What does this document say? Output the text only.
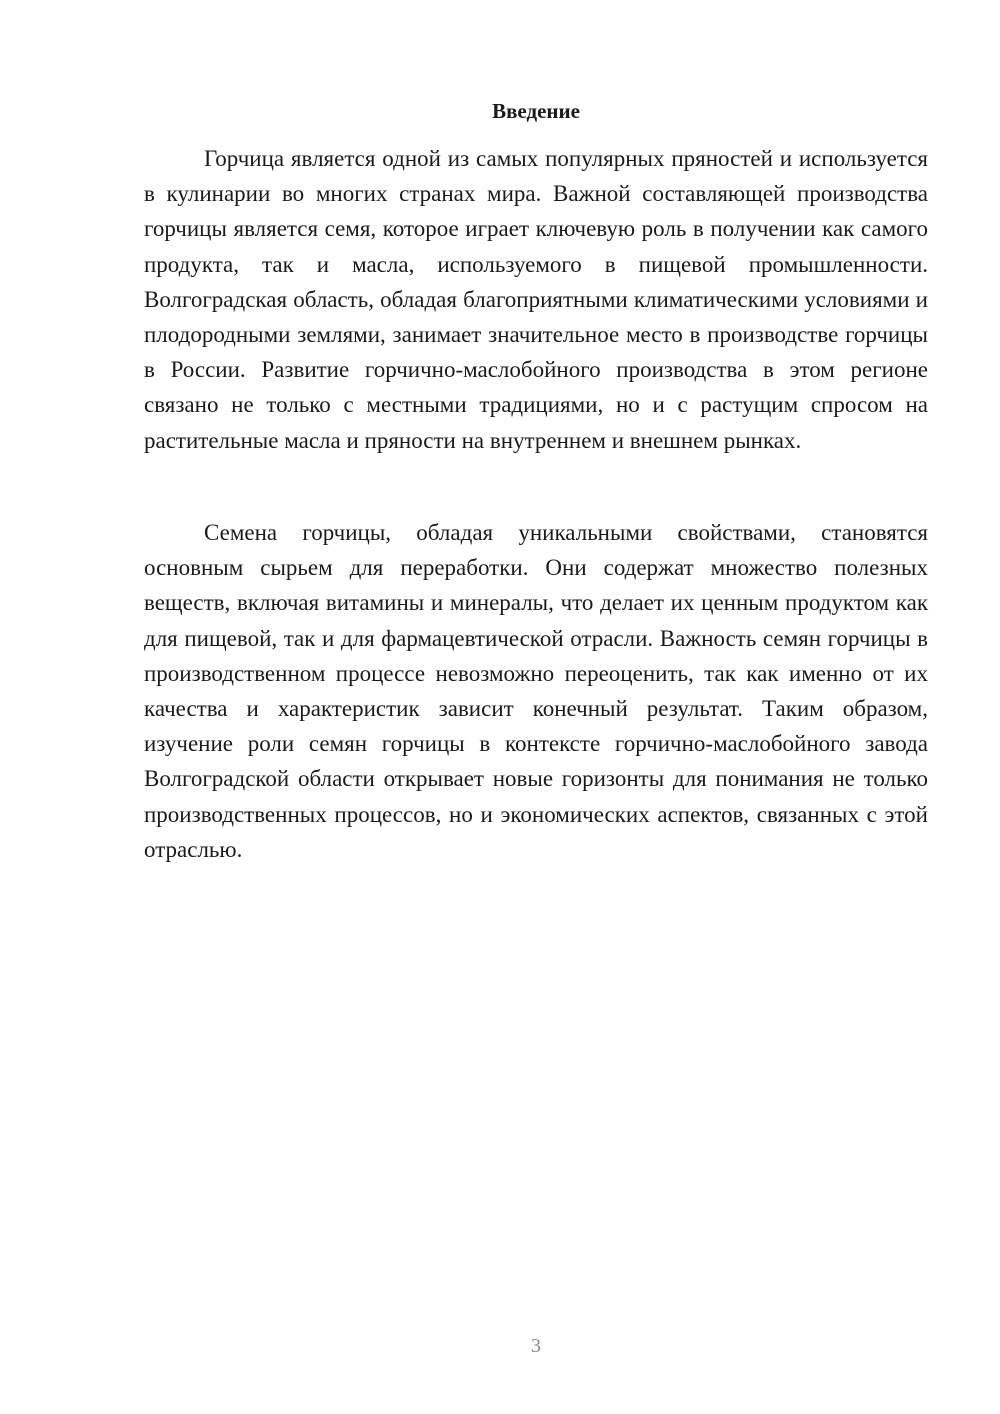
Введение

Горчица является одной из самых популярных пряностей и используется в кулинарии во многих странах мира. Важной составляющей производства горчицы является семя, которое играет ключевую роль в получении как самого продукта, так и масла, используемого в пищевой промышленности. Волгоградская область, обладая благоприятными климатическими условиями и плодородными землями, занимает значительное место в производстве горчицы в России. Развитие горчично-маслобойного производства в этом регионе связано не только с местными традициями, но и с растущим спросом на растительные масла и пряности на внутреннем и внешнем рынках.

Семена горчицы, обладая уникальными свойствами, становятся основным сырьем для переработки. Они содержат множество полезных веществ, включая витамины и минералы, что делает их ценным продуктом как для пищевой, так и для фармацевтической отрасли. Важность семян горчицы в производственном процессе невозможно переоценить, так как именно от их качества и характеристик зависит конечный результат. Таким образом, изучение роли семян горчицы в контексте горчично-маслобойного завода Волгоградской области открывает новые горизонты для понимания не только производственных процессов, но и экономических аспектов, связанных с этой отраслью.

3
